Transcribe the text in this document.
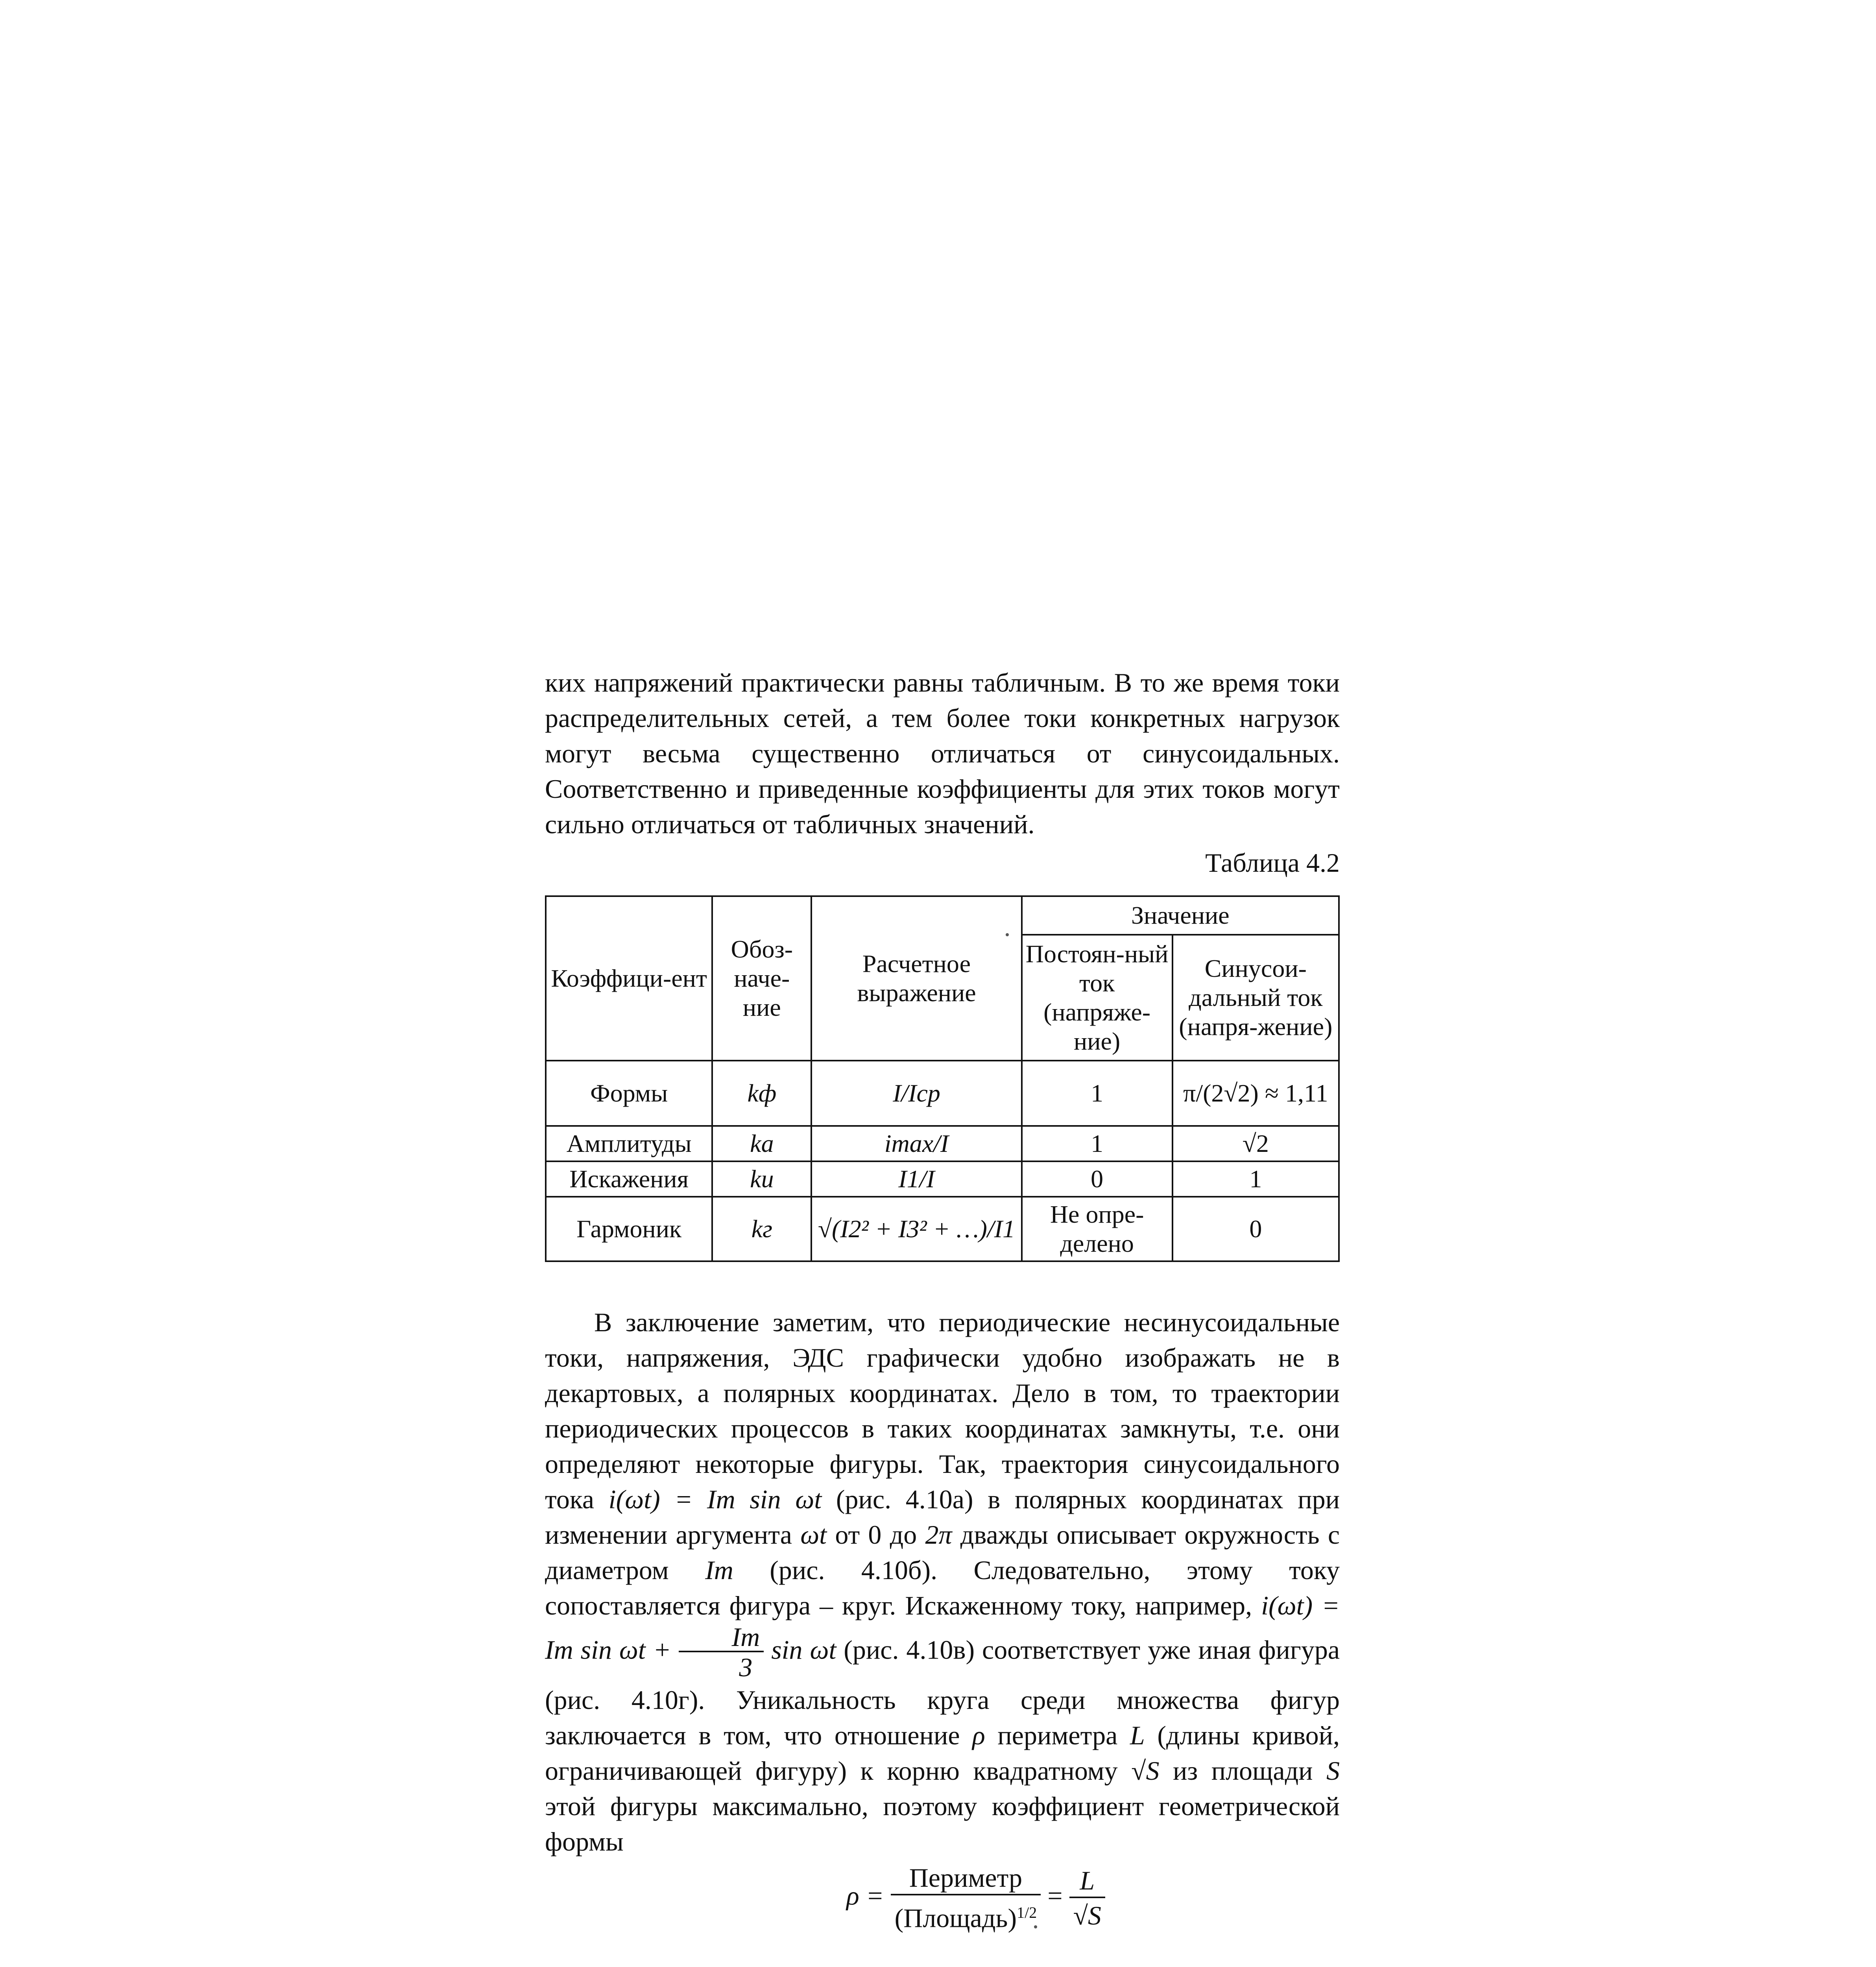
ких напряжений практически равны табличным. В то же время токи распределительных сетей, а тем более токи конкретных нагрузок могут весьма существенно отличаться от синусоидальных. Соответственно и приведенные коэффициенты для этих токов могут сильно отличаться от табличных значений.

Таблица 4.2
Коэффици-ент	Обоз-наче-ние	Расчетное выражение	Значение	
			Постоян-ный ток (напряже-ние)	Синусои-дальный ток (напря-жение)
Формы	kф	I/Iср	1	π/(2√2) ≈ 1,11
Амплитуды	kа	imax/I	1	√2
Искажения	kи	I1/I	0	1
Гармоник	kг	√(I2² + I3² + …)/I1	Не опре-делено	0

В заключение заметим, что периодические несинусоидальные токи, напряжения, ЭДС графически удобно изображать не в декартовых, а полярных координатах. Дело в том, то траектории периодических процессов в таких координатах замкнуты, т.е. они определяют некоторые фигуры. Так, траектория синусоидального тока i(ωt) = Im sin ωt (рис. 4.10а) в полярных координатах при изменении аргумента ωt от 0 до 2π дважды описывает окружность с диаметром Im (рис. 4.10б). Следовательно, этому току сопоставляется фигура – круг. Искаженному току, например, i(ωt) = Im $\sin \omega t + \frac{Im}{3}$ sin ωt (рис. 4.10в) соответствует уже иная фигура (рис. 4.10г). Уникальность круга среди множества фигур заключается в том, что отношение ρ периметра L (длины кривой, ограничивающей фигуру) к корню квадратному √S из площади S этой фигуры максимально, поэтому коэффициент геометрической формы

$\rho = \frac{\text{Периметр}}{(Площадь)^{1/2}} = \frac{L}{√S}$
